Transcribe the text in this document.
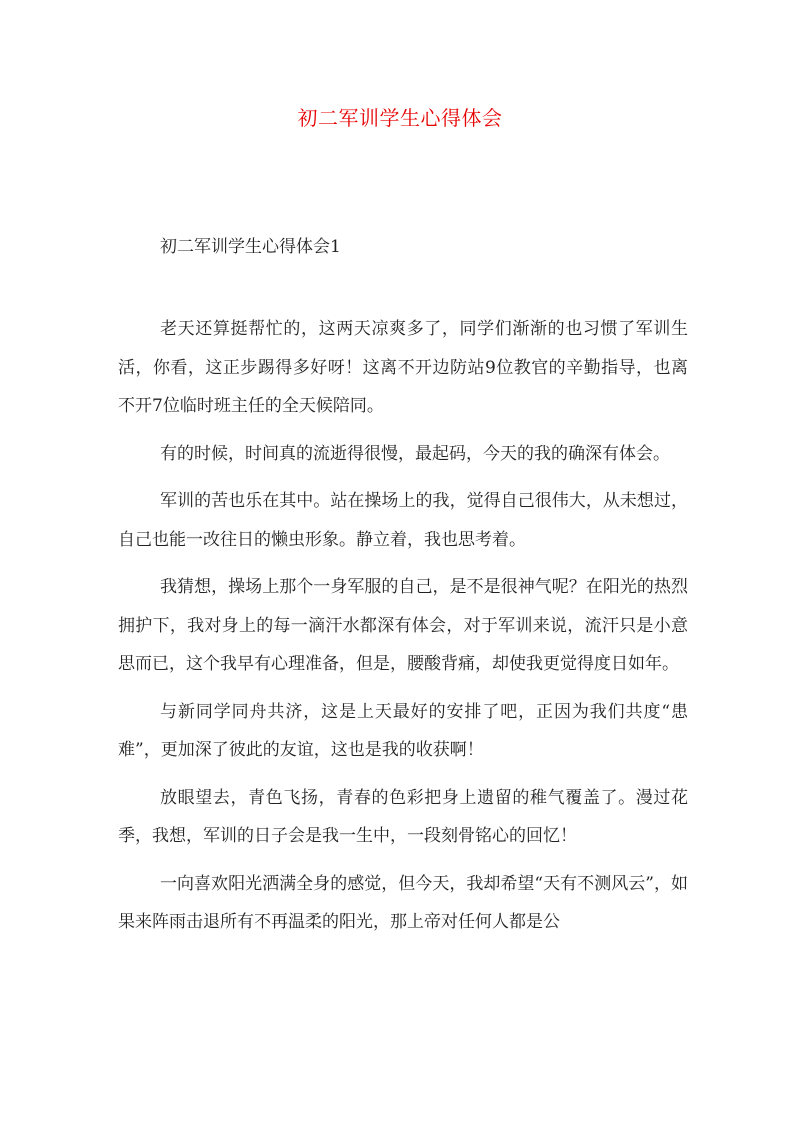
初二军训学生心得体会
初二军训学生心得体会1

老天还算挺帮忙的，这两天凉爽多了，同学们渐渐的也习惯了军训生活，你看，这正步踢得多好呀！这离不开边防站9位教官的辛勤指导，也离不开7位临时班主任的全天候陪同。

有的时候，时间真的流逝得很慢，最起码，今天的我的确深有体会。

军训的苦也乐在其中。站在操场上的我，觉得自己很伟大，从未想过，自己也能一改往日的懒虫形象。静立着，我也思考着。

我猜想，操场上那个一身军服的自己，是不是很神气呢？在阳光的热烈拥护下，我对身上的每一滴汗水都深有体会，对于军训来说，流汗只是小意思而已，这个我早有心理准备，但是，腰酸背痛，却使我更觉得度日如年。

与新同学同舟共济，这是上天最好的安排了吧，正因为我们共度“患难”，更加深了彼此的友谊，这也是我的收获啊！

放眼望去，青色飞扬，青春的色彩把身上遗留的稚气覆盖了。漫过花季，我想，军训的日子会是我一生中，一段刻骨铭心的回忆！

一向喜欢阳光洒满全身的感觉，但今天，我却希望“天有不测风云”，如果来阵雨击退所有不再温柔的阳光，那上帝对任何人都是公
